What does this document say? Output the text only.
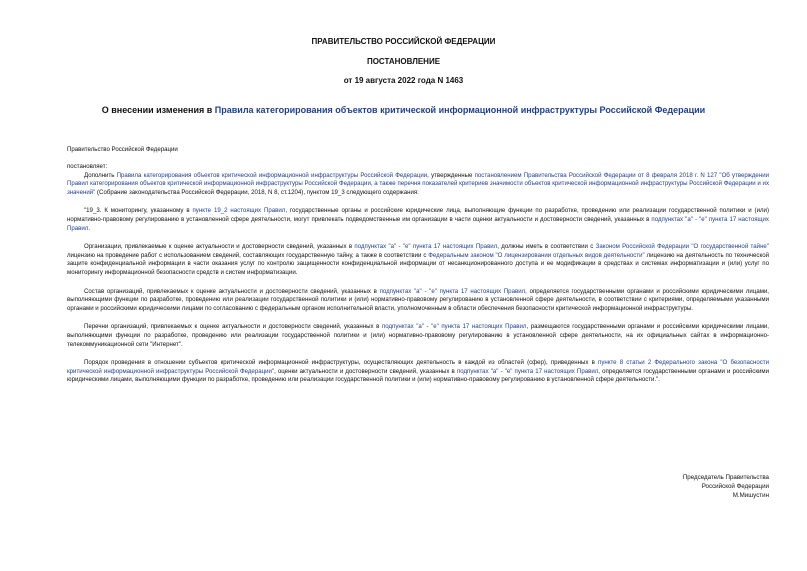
ПРАВИТЕЛЬСТВО РОССИЙСКОЙ ФЕДЕРАЦИИ
ПОСТАНОВЛЕНИЕ
от 19 августа 2022 года N 1463
О внесении изменения в Правила категорирования объектов критической информационной инфраструктуры Российской Федерации

Правительство Российской Федерации

постановляет:

Дополнить Правила категорирования объектов критической информационной инфраструктуры Российской Федерации, утвержденные постановлением Правительства Российской Федерации от 8 февраля 2018 г. N 127 "Об утверждении Правил категорирования объектов критической информационной инфраструктуры Российской Федерации, а также перечня показателей критериев значимости объектов критической информационной инфраструктуры Российской Федерации и их значений" (Собрание законодательства Российской Федерации, 2018, N 8, ст.1204), пунктом 19_3 следующего содержания:

"19_3. К мониторингу, указанному в пункте 19_2 настоящих Правил, государственные органы и российские юридические лица, выполняющие функции по разработке, проведению или реализации государственной политики и (или) нормативно-правовому регулированию в установленной сфере деятельности, могут привлекать подведомственные им организации в части оценки актуальности и достоверности сведений, указанных в подпунктах "а" - "е" пункта 17 настоящих Правил.

Организации, привлекаемые к оценке актуальности и достоверности сведений, указанных в подпунктах "а" - "е" пункта 17 настоящих Правил, должны иметь в соответствии с Законом Российской Федерации "О государственной тайне" лицензию на проведение работ с использованием сведений, составляющих государственную тайну, а также в соответствии с Федеральным законом "О лицензировании отдельных видов деятельности" лицензию на деятельность по технической защите конфиденциальной информации в части оказания услуг по контролю защищенности конфиденциальной информации от несанкционированного доступа и ее модификации в средствах и системах информатизации и (или) услуг по мониторингу информационной безопасности средств и систем информатизации.

Состав организаций, привлекаемых к оценке актуальности и достоверности сведений, указанных в подпунктах "а" - "е" пункта 17 настоящих Правил, определяется государственными органами и российскими юридическими лицами, выполняющими функции по разработке, проведению или реализации государственной политики и (или) нормативно-правовому регулированию в установленной сфере деятельности, в соответствии с критериями, определяемыми указанными органами и российскими юридическими лицами по согласованию с федеральным органом исполнительной власти, уполномоченным в области обеспечения безопасности критической информационной инфраструктуры.

Перечни организаций, привлекаемых к оценке актуальности и достоверности сведений, указанных в подпунктах "а" - "е" пункта 17 настоящих Правил, размещаются государственными органами и российскими юридическими лицами, выполняющими функции по разработке, проведению или реализации государственной политики и (или) нормативно-правовому регулированию в установленной сфере деятельности, на их официальных сайтах в информационно-телекоммуникационной сети "Интернет".

Порядок проведения в отношении субъектов критической информационной инфраструктуры, осуществляющих деятельность в каждой из областей (сфер), приведенных в пункте 8 статьи 2 Федерального закона "О безопасности критической информационной инфраструктуры Российской Федерации", оценки актуальности и достоверности сведений, указанных в подпунктах "а" - "е" пункта 17 настоящих Правил, определяется государственными органами и российскими юридическими лицами, выполняющими функции по разработке, проведению или реализации государственной политики и (или) нормативно-правовому регулированию в установленной сфере деятельности.".

Председатель Правительства
Российской Федерации
М.Мишустин
